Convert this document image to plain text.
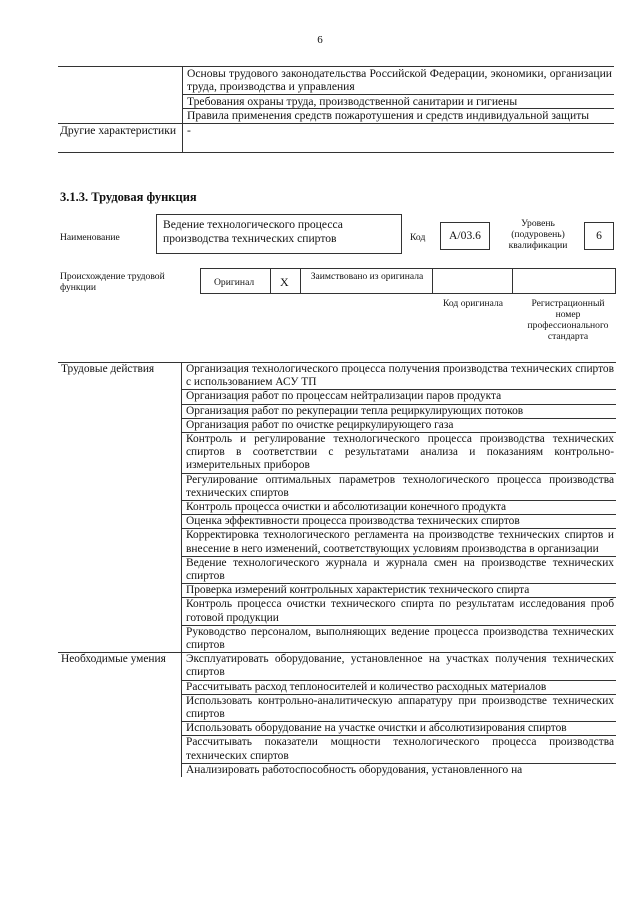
6
	Основы трудового законодательства Российской Федерации, экономики, организации труда, производства и управления
	Требования охраны труда, производственной санитарии и гигиены
	Правила применения средств пожаротушения и средств индивидуальной защиты
Другие характеристики	-
3.1.3. Трудовая функция
Наименование
Ведение технологического процесса производства технических спиртов	Код	A/03.6
Уровень (подуровень) квалификации
6
Происхождение трудовой функции	Оригинал X	Заимствовано из оригинала
Код оригинала	Регистрационный номер профессионального стандарта
Трудовые действия	Организация технологического процесса получения производства технических спиртов с использованием АСУ ТП
	Организация работ по процессам нейтрализации паров продукта
	Организация работ по рекуперации тепла рециркулирующих потоков
	Организация работ по очистке рециркулирующего газа
	Контроль и регулирование технологического процесса производства технических спиртов в соответствии с результатами анализа и показаниям контрольно-измерительных приборов
	Регулирование оптимальных параметров технологического процесса производства технических спиртов
	Контроль процесса очистки и абсолютизации конечного продукта
	Оценка эффективности процесса производства технических спиртов
	Корректировка технологического регламента на производстве технических спиртов и внесение в него изменений, соответствующих условиям производства в организации
	Ведение технологического журнала и журнала смен на производстве технических спиртов
	Проверка измерений контрольных характеристик технического спирта
	Контроль процесса очистки технического спирта по результатам исследования проб готовой продукции
	Руководство персоналом, выполняющих ведение процесса производства технических спиртов
Необходимые умения	Эксплуатировать оборудование, установленное на участках получения технических спиртов
	Рассчитывать расход теплоносителей и количество расходных материалов
	Использовать контрольно-аналитическую аппаратуру при производстве технических спиртов
	Использовать оборудование на участке очистки и абсолютизирования спиртов
	Рассчитывать показатели мощности технологического процесса производства технических спиртов
	Анализировать работоспособность оборудования, установленного на
